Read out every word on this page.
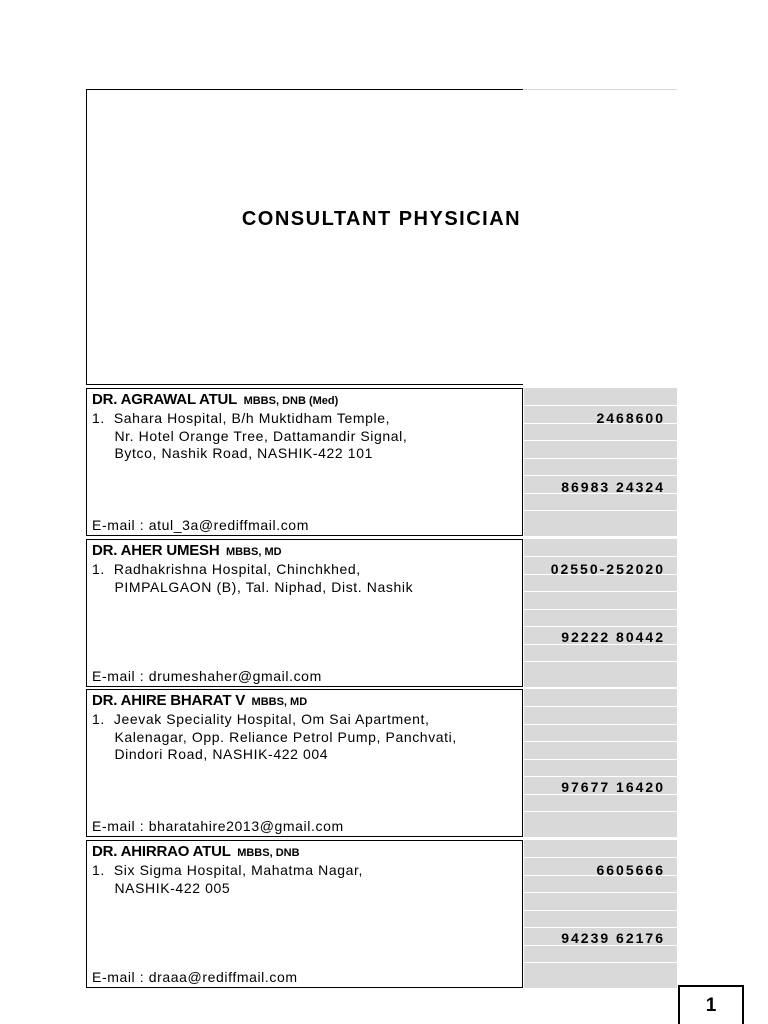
CONSULTANT PHYSICIAN
DR. AGRAWAL ATUL MBBS, DNB (Med)
1.  Sahara Hospital, B/h Muktidham Temple,
Nr. Hotel Orange Tree, Dattamandir Signal,
Bytco, Nashik Road, NASHIK-422 101
E-mail : atul_3a@rediffmail.com
2468600
86983 24324
DR. AHER UMESH MBBS, MD
1.  Radhakrishna Hospital, Chinchkhed,
PIMPALGAON (B), Tal. Niphad, Dist. Nashik
E-mail : drumeshaher@gmail.com
02550-252020
92222 80442
DR. AHIRE BHARAT V MBBS, MD
1.  Jeevak Speciality Hospital, Om Sai Apartment,
Kalenagar, Opp. Reliance Petrol Pump, Panchvati,
Dindori Road, NASHIK-422 004
E-mail : bharatahire2013@gmail.com
97677 16420
DR. AHIRRAO ATUL MBBS, DNB
1.  Six Sigma Hospital, Mahatma Nagar,
NASHIK-422 005
E-mail : draaa@rediffmail.com
6605666
94239 62176
1
